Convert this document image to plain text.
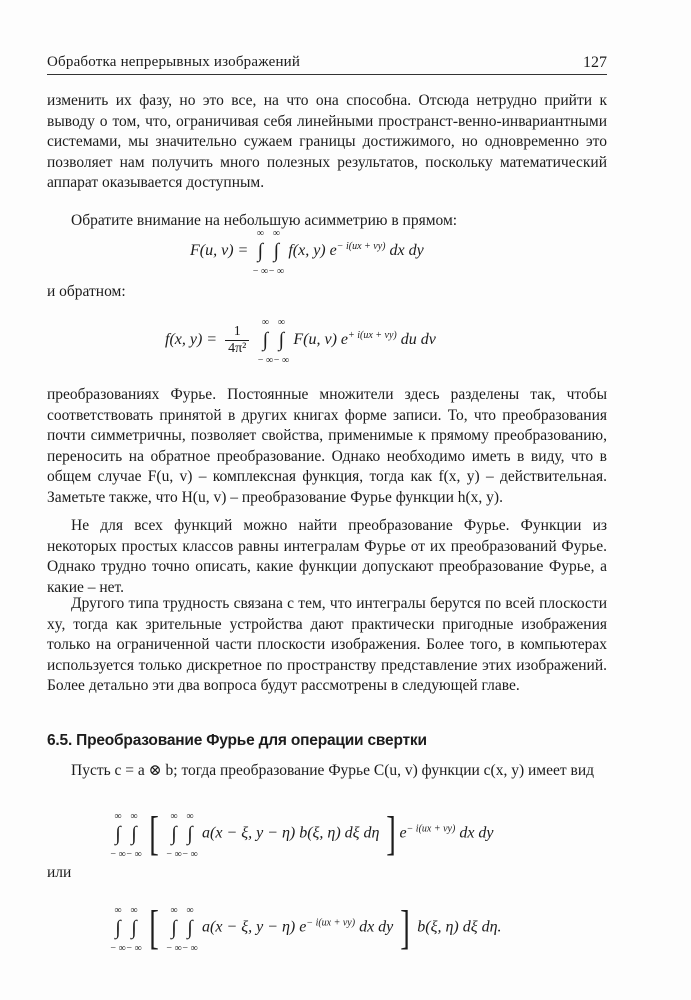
Обработка непрерывных изображений	127

изменить их фазу, но это все, на что она способна. Отсюда нетрудно прийти к выводу о том, что, ограничивая себя линейными пространст-венно-инвариантными системами, мы значительно сужаем границы достижимого, но одновременно это позволяет нам получить много полезных результатов, поскольку математический аппарат оказывается доступным.

Обратите внимание на небольшую асимметрию в прямом:

F(u, v) = ∫
∞
− ∞
∫
∞
− ∞
f(x, y) $e^{- i(ux + vy)}$ dx dy

и обратном:

f(x, $y) = \frac{1}{\text{4π²}}$ ∫
∞
− ∞
∫
∞
− ∞
F(u, v) $e^{+ i(ux + vy)}$ du dv

преобразованиях Фурье. Постоянные множители здесь разделены так, чтобы соответствовать принятой в других книгах форме записи. То, что преобразования почти симметричны, позволяет свойства, применимые к прямому преобразованию, переносить на обратное преобразование. Однако необходимо иметь в виду, что в общем случае F(u, v) – комплексная функция, тогда как f(x, y) – действительная. Заметьте также, что H(u, v) – преобразование Фурье функции h(x, y).

Не для всех функций можно найти преобразование Фурье. Функции из некоторых простых классов равны интегралам Фурье от их преобразований Фурье. Однако трудно точно описать, какие функции допускают преобразование Фурье, а какие – нет.

Другого типа трудность связана с тем, что интегралы берутся по всей плоскости xy, тогда как зрительные устройства дают практически пригодные изображения только на ограниченной части плоскости изображения. Более того, в компьютерах используется только дискретное по пространству представление этих изображений. Более детально эти два вопроса будут рассмотрены в следующей главе.

6.5. Преобразование Фурье для операции свертки

Пусть c = a ⊗ b; тогда преобразование Фурье C(u, v) функции c(x, y) имеет вид

∫
∞
− ∞
∫
∞
− ∞ [ ∫
∞
− ∞
∫
∞
− ∞
a(x − ξ, y − η) b(ξ, η) dξ dη ] $e^{- i(ux + vy)}$ dx dy

или

∫
∞
− ∞
∫
∞
− ∞ [ ∫
∞
− ∞
∫
∞
− ∞
a(x − ξ, y − η) $e^{- i(ux + vy)}$ dx dy ] b(ξ, η) dξ dη.
